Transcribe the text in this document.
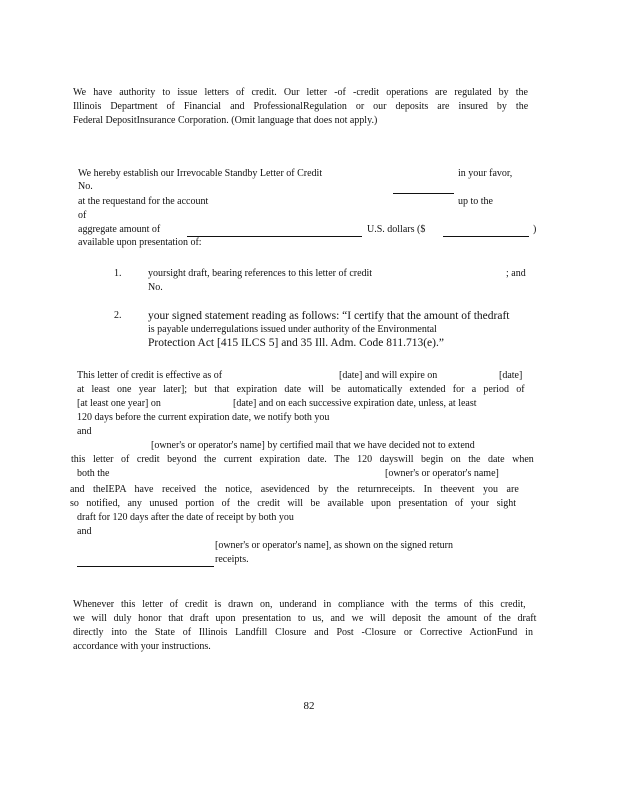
We have authority to issue letters of credit. Our letter -of -credit operations are regulated by the
Illinois Department of Financial and ProfessionalRegulation or our deposits are insured by the
Federal DepositInsurance Corporation. (Omit language that does not apply.)
We hereby establish our Irrevocable Standby Letter of Credit	in your favor,
No.
at the requestand for the account	up to the
of
aggregate amount of	U.S. dollars ($	)
available upon presentation of:
1.	yoursight draft, bearing references to this letter of credit	; and
No.
2. your signed statement reading as follows: “I certify that the amount of thedraft
is payable underregulations issued under authority of the Environmental
Protection Act [415 ILCS 5] and 35 Ill. Adm. Code 811.713(e).”
This letter of credit is effective as of	[date] and will expire on	[date]
at least one year later]; but that expiration date will be automatically extended for a period of
[at least one year] on	[date] and on each successive expiration date, unless, at least
120 days before the current expiration date, we notify both you
and
[owner's or operator's name] by certified mail that we have decided not to extend
this letter of credit beyond the current expiration date. The 120 dayswill begin on the date when
both the	[owner's or operator's name]
and theIEPA have received the notice, asevidenced by the returnreceipts. In theevent you are
so notified, any unused portion of the credit will be available upon presentation of your sight
draft for 120 days after the date of receipt by both you
and
[owner's or operator's name], as shown on the signed return
receipts.
Whenever this letter of credit is drawn on, underand in compliance with the terms of this credit,
we will duly honor that draft upon presentation to us, and we will deposit the amount of the draft
directly into the State of Illinois Landfill Closure and Post -Closure or Corrective ActionFund in
accordance with your instructions.
82
